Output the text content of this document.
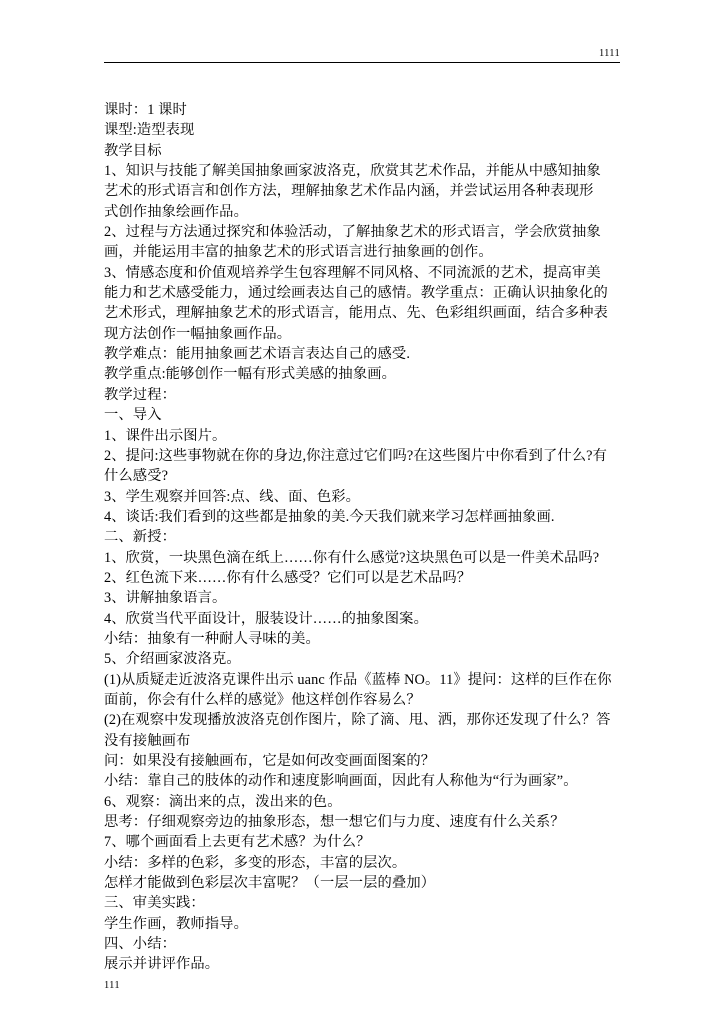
1111
课时：1 课时
课型:造型表现
教学目标
1、知识与技能了解美国抽象画家波洛克，欣赏其艺术作品，并能从中感知抽象
艺术的形式语言和创作方法，理解抽象艺术作品内涵，并尝试运用各种表现形
式创作抽象绘画作品。
2、过程与方法通过探究和体验活动，了解抽象艺术的形式语言，学会欣赏抽象
画，并能运用丰富的抽象艺术的形式语言进行抽象画的创作。
3、情感态度和价值观培养学生包容理解不同风格、不同流派的艺术，提高审美
能力和艺术感受能力，通过绘画表达自己的感情。教学重点：正确认识抽象化的
艺术形式，理解抽象艺术的形式语言，能用点、先、色彩组织画面，结合多种表
现方法创作一幅抽象画作品。
教学难点：能用抽象画艺术语言表达自己的感受.
教学重点:能够创作一幅有形式美感的抽象画。
教学过程：
一、导入
1、课件出示图片。
2、提问:这些事物就在你的身边,你注意过它们吗?在这些图片中你看到了什么?有
什么感受?
3、学生观察并回答:点、线、面、色彩。
4、谈话:我们看到的这些都是抽象的美.今天我们就来学习怎样画抽象画.
二、新授：
1、欣赏，一块黑色滴在纸上……你有什么感觉?这块黑色可以是一件美术品吗?
2、红色流下来……你有什么感受？它们可以是艺术品吗？
3、讲解抽象语言。
4、欣赏当代平面设计，服装设计……的抽象图案。
小结：抽象有一种耐人寻味的美。
5、介绍画家波洛克。
(1)从质疑走近波洛克课件出示 uanc 作品《蓝棒 NO。11》提问：这样的巨作在你
面前，你会有什么样的感觉》他这样创作容易么？
(2)在观察中发现播放波洛克创作图片，除了滴、甩、洒，那你还发现了什么？答
没有接触画布
问：如果没有接触画布，它是如何改变画面图案的？
小结：靠自己的肢体的动作和速度影响画面，因此有人称他为“行为画家”。
6、观察：滴出来的点，泼出来的色。
思考：仔细观察旁边的抽象形态，想一想它们与力度、速度有什么关系？
7、哪个画面看上去更有艺术感？为什么？
小结：多样的色彩，多变的形态，丰富的层次。
怎样才能做到色彩层次丰富呢？（一层一层的叠加）
三、审美实践：
学生作画，教师指导。
四、小结：
展示并讲评作品。
111
